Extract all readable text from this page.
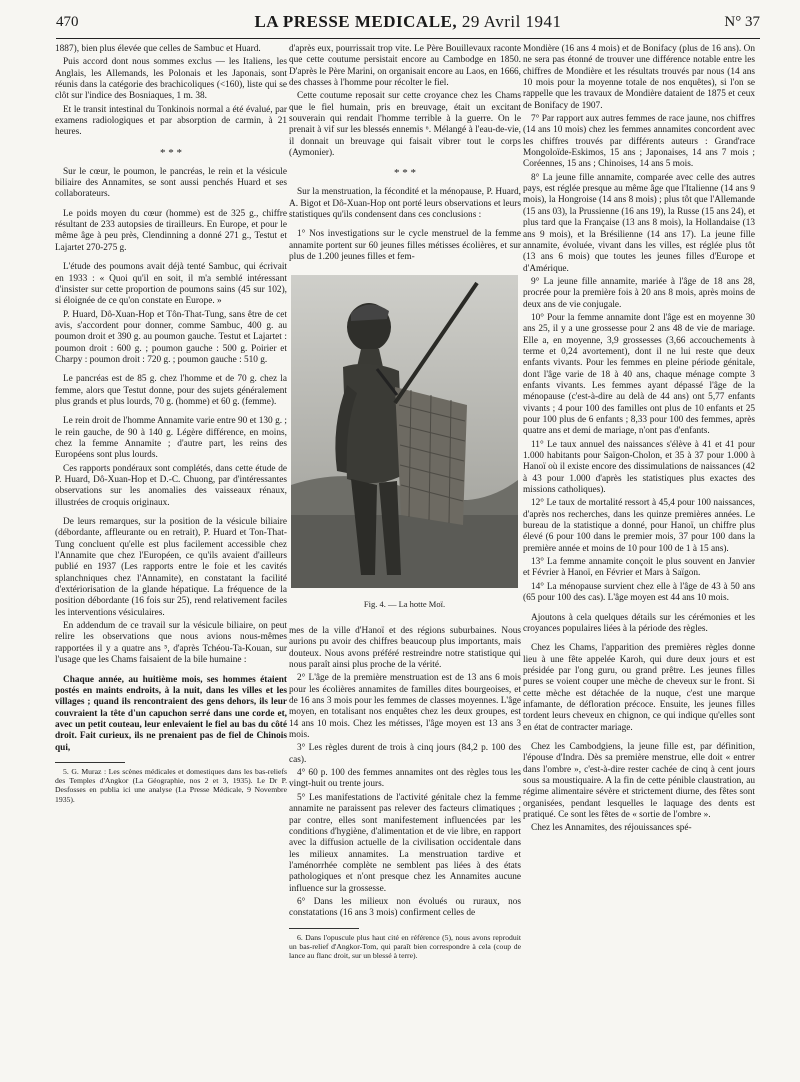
470	LA PRESSE MEDICALE, 29 Avril 1941	N° 37

1887), bien plus élevée que celles de Sambuc et Huard.

Puis accord dont nous sommes exclus — les Italiens, les Anglais, les Allemands, les Polonais et les Japonais, sont réunis dans la catégorie des brachicoliques (<160), liste qui se clôt sur l'indice des Bosniaques, 1 m. 38.

Et le transit intestinal du Tonkinois normal a été évalué, par examens radiologiques et par absorption de carmin, à 21 heures.

* * *

Sur le cœur, le poumon, le pancréas, le rein et la vésicule biliaire des Annamites, se sont aussi penchés Huard et ses collaborateurs.

Le poids moyen du cœur (homme) est de 325 g., chiffre résultant de 233 autopsies de tirailleurs. En Europe, et pour le même âge à peu près, Clendinning a donné 271 g., Testut et Lajartet 270-275 g.

L'étude des poumons avait déjà tenté Sambuc, qui écrivait en 1933 : « Quoi qu'il en soit, il m'a semblé intéressant d'insister sur cette proportion de poumons sains (45 sur 102), si éloignée de ce qu'on constate en Europe. »

P. Huard, Dô-Xuan-Hop et Tôn-That-Tung, sans être de cet avis, s'accordent pour donner, comme Sambuc, 400 g. au poumon droit et 390 g. au poumon gauche. Testut et Lajartet : poumon droit : 600 g. ; poumon gauche : 500 g. Poirier et Charpy : poumon droit : 720 g. ; poumon gauche : 510 g.

Le pancréas est de 85 g. chez l'homme et de 70 g. chez la femme, alors que Testut donne, pour des sujets généralement plus grands et plus lourds, 70 g. (homme) et 60 g. (femme).

Le rein droit de l'homme Annamite varie entre 90 et 130 g. ; le rein gauche, de 90 à 140 g. Légère différence, en moins, chez la femme Annamite ; d'autre part, les reins des Européens sont plus lourds.

Ces rapports pondéraux sont complétés, dans cette étude de P. Huard, Dô-Xuan-Hop et D.-C. Chuong, par d'intéressantes observations sur les anomalies des vaisseaux rénaux, illustrées de croquis originaux.

De leurs remarques, sur la position de la vésicule biliaire (débordante, affleurante ou en retrait), P. Huard et Ton-That-Tung concluent qu'elle est plus facilement accessible chez l'Annamite que chez l'Européen, ce qu'ils avaient d'ailleurs publié en 1937 (Les rapports entre le foie et les cavités splanchniques chez l'Annamite), en constatant la facilité d'extériorisation de la glande hépatique. La fréquence de la position débordante (16 fois sur 25), rend relativement faciles les interventions vésiculaires.

En addendum de ce travail sur la vésicule biliaire, on peut relire les observations que nous avions nous-mêmes rapportées il y a quatre ans ⁵, d'après Tchéou-Ta-Kouan, sur l'usage que les Chams faisaient de la bile humaine :

Chaque année, au huitième mois, ses hommes étaient postés en maints endroits, à la nuit, dans les villes et les villages ; quand ils rencontraient des gens dehors, ils leur couvraient la tête d'un capuchon serré dans une corde et, avec un petit couteau, leur enlevaient le fiel au bas du côté droit. Fait curieux, ils ne prenaient pas de fiel de Chinois qui,

5. G. Muraz : Les scènes médicales et domestiques dans les bas-reliefs des Temples d'Angkor (La Géographie, nos 2 et 3, 1935). Le Dr P. Desfosses en publia ici une analyse (La Presse Médicale, 9 Novembre 1935).

d'après eux, pourrissait trop vite. Le Père Bouillevaux raconte que cette coutume persistait encore au Cambodge en 1850. D'après le Père Marini, on organisait encore au Laos, en 1666, des chasses à l'homme pour récolter le fiel.

Cette coutume reposait sur cette croyance chez les Chams que le fiel humain, pris en breuvage, était un excitant souverain qui rendait l'homme terrible à la guerre. On le prenait à vif sur les blessés ennemis ⁶. Mélangé à l'eau-de-vie, il donnait un breuvage qui faisait vibrer tout le corps (Aymonier).

* * *

Sur la menstruation, la fécondité et la ménopause, P. Huard, A. Bigot et Dô-Xuan-Hop ont porté leurs observations et leurs statistiques qu'ils condensent dans ces conclusions :

1° Nos investigations sur le cycle menstruel de la femme annamite portent sur 60 jeunes filles métisses écolières, et sur plus de 1.200 jeunes filles et fem-

Fig. 4. — La hotte Moï.

mes de la ville d'Hanoï et des régions suburbaines. Nous aurions pu avoir des chiffres beaucoup plus importants, mais douteux. Nous avons préféré restreindre notre statistique qui nous paraît ainsi plus proche de la vérité.

2° L'âge de la première menstruation est de 13 ans 6 mois pour les écolières annamites de familles dites bourgeoises, et de 16 ans 3 mois pour les femmes de classes moyennes. L'âge moyen, en totalisant nos enquêtes chez les deux groupes, est 14 ans 10 mois. Chez les métisses, l'âge moyen est 13 ans 3 mois.

3° Les règles durent de trois à cinq jours (84,2 p. 100 des cas).

4° 60 p. 100 des femmes annamites ont des règles tous les vingt-huit ou trente jours.

5° Les manifestations de l'activité génitale chez la femme annamite ne paraissent pas relever des facteurs climatiques ; par contre, elles sont manifestement influencées par les conditions d'hygiène, d'alimentation et de vie libre, en rapport avec la diffusion actuelle de la civilisation occidentale dans les milieux annamites. La menstruation tardive et l'aménorrhée complète ne semblent pas liées à des états pathologiques et n'ont presque chez les Annamites aucune influence sur la grossesse.

6° Dans les milieux non évolués ou ruraux, nos constatations (16 ans 3 mois) confirment celles de

6. Dans l'opuscule plus haut cité en référence (5), nous avons reproduit un bas-relief d'Angkor-Tom, qui paraît bien correspondre à cela (coup de lance au flanc droit, sur un blessé à terre).

Mondière (16 ans 4 mois) et de Bonifacy (plus de 16 ans). On ne sera pas étonné de trouver une différence notable entre les chiffres de Mondière et les résultats trouvés par nous (14 ans 10 mois pour la moyenne totale de nos enquêtes), si l'on se rappelle que les travaux de Mondière dataient de 1875 et ceux de Bonifacy de 1907.

7° Par rapport aux autres femmes de race jaune, nos chiffres (14 ans 10 mois) chez les femmes annamites concordent avec les chiffres trouvés par différents auteurs : Grand'race Mongoloïde-Eskimos, 15 ans ; Japonaises, 14 ans 7 mois ; Coréennes, 15 ans ; Chinoises, 14 ans 5 mois.

8° La jeune fille annamite, comparée avec celle des autres pays, est réglée presque au même âge que l'Italienne (14 ans 9 mois), la Hongroise (14 ans 8 mois) ; plus tôt que l'Allemande (15 ans 03), la Prussienne (16 ans 19), la Russe (15 ans 24), et plus tard que la Française (13 ans 8 mois), la Hollandaise (13 ans 9 mois), et la Brésilienne (14 ans 17). La jeune fille annamite, évoluée, vivant dans les villes, est réglée plus tôt (13 ans 6 mois) que toutes les jeunes filles d'Europe et d'Amérique.

9° La jeune fille annamite, mariée à l'âge de 18 ans 28, procrée pour la première fois à 20 ans 8 mois, après moins de deux ans de vie conjugale.

10° Pour la femme annamite dont l'âge est en moyenne 30 ans 25, il y a une grossesse pour 2 ans 48 de vie de mariage. Elle a, en moyenne, 3,9 grossesses (3,66 accouchements à terme et 0,24 avortement), dont il ne lui reste que deux enfants vivants. Pour les femmes en pleine période génitale, dont l'âge varie de 18 à 40 ans, chaque ménage compte 3 enfants vivants. Les femmes ayant dépassé l'âge de la ménopause (c'est-à-dire au delà de 44 ans) ont 5,77 enfants vivants ; 4 pour 100 des familles ont plus de 10 enfants et 25 pour 100 plus de 6 enfants ; 8,33 pour 100 des femmes, après quatre ans et demi de mariage, n'ont pas d'enfants.

11° Le taux annuel des naissances s'élève à 41 et 41 pour 1.000 habitants pour Saïgon-Cholon, et 35 à 37 pour 1.000 à Hanoï où il existe encore des dissimulations de naissances (42 à 43 pour 1.000 d'après les statistiques plus exactes des missions catholiques).

12° Le taux de mortalité ressort à 45,4 pour 100 naissances, d'après nos recherches, dans les quinze premières années. Le bureau de la statistique a donné, pour Hanoï, un chiffre plus élevé (6 pour 100 dans le premier mois, 37 pour 100 dans la première année et moins de 10 pour 100 de 1 à 15 ans).

13° La femme annamite conçoit le plus souvent en Janvier et Février à Hanoï, en Février et Mars à Saïgon.

14° La ménopause survient chez elle à l'âge de 43 à 50 ans (65 pour 100 des cas). L'âge moyen est 44 ans 10 mois.

Ajoutons à cela quelques détails sur les cérémonies et les croyances populaires liées à la période des règles.

Chez les Chams, l'apparition des premières règles donne lieu à une fête appelée Karoh, qui dure deux jours et est présidée par l'ong guru, ou grand prêtre. Les jeunes filles pures se voient couper une mèche de cheveux sur le front. Si cette mèche est détachée de la nuque, c'est une marque infamante, de défloration précoce. Ensuite, les jeunes filles tordent leurs cheveux en chignon, ce qui indique qu'elles sont en état de contracter mariage.

Chez les Cambodgiens, la jeune fille est, par définition, l'épouse d'Indra. Dès sa première menstrue, elle doit « entrer dans l'ombre », c'est-à-dire rester cachée de cinq à cent jours sous sa moustiquaire. A la fin de cette pénible claustration, au régime alimentaire sévère et strictement diurne, des fêtes sont organisées, pendant lesquelles le laquage des dents est pratiqué. Ce sont les fêtes de « sortie de l'ombre ».

Chez les Annamites, des réjouissances spé-
